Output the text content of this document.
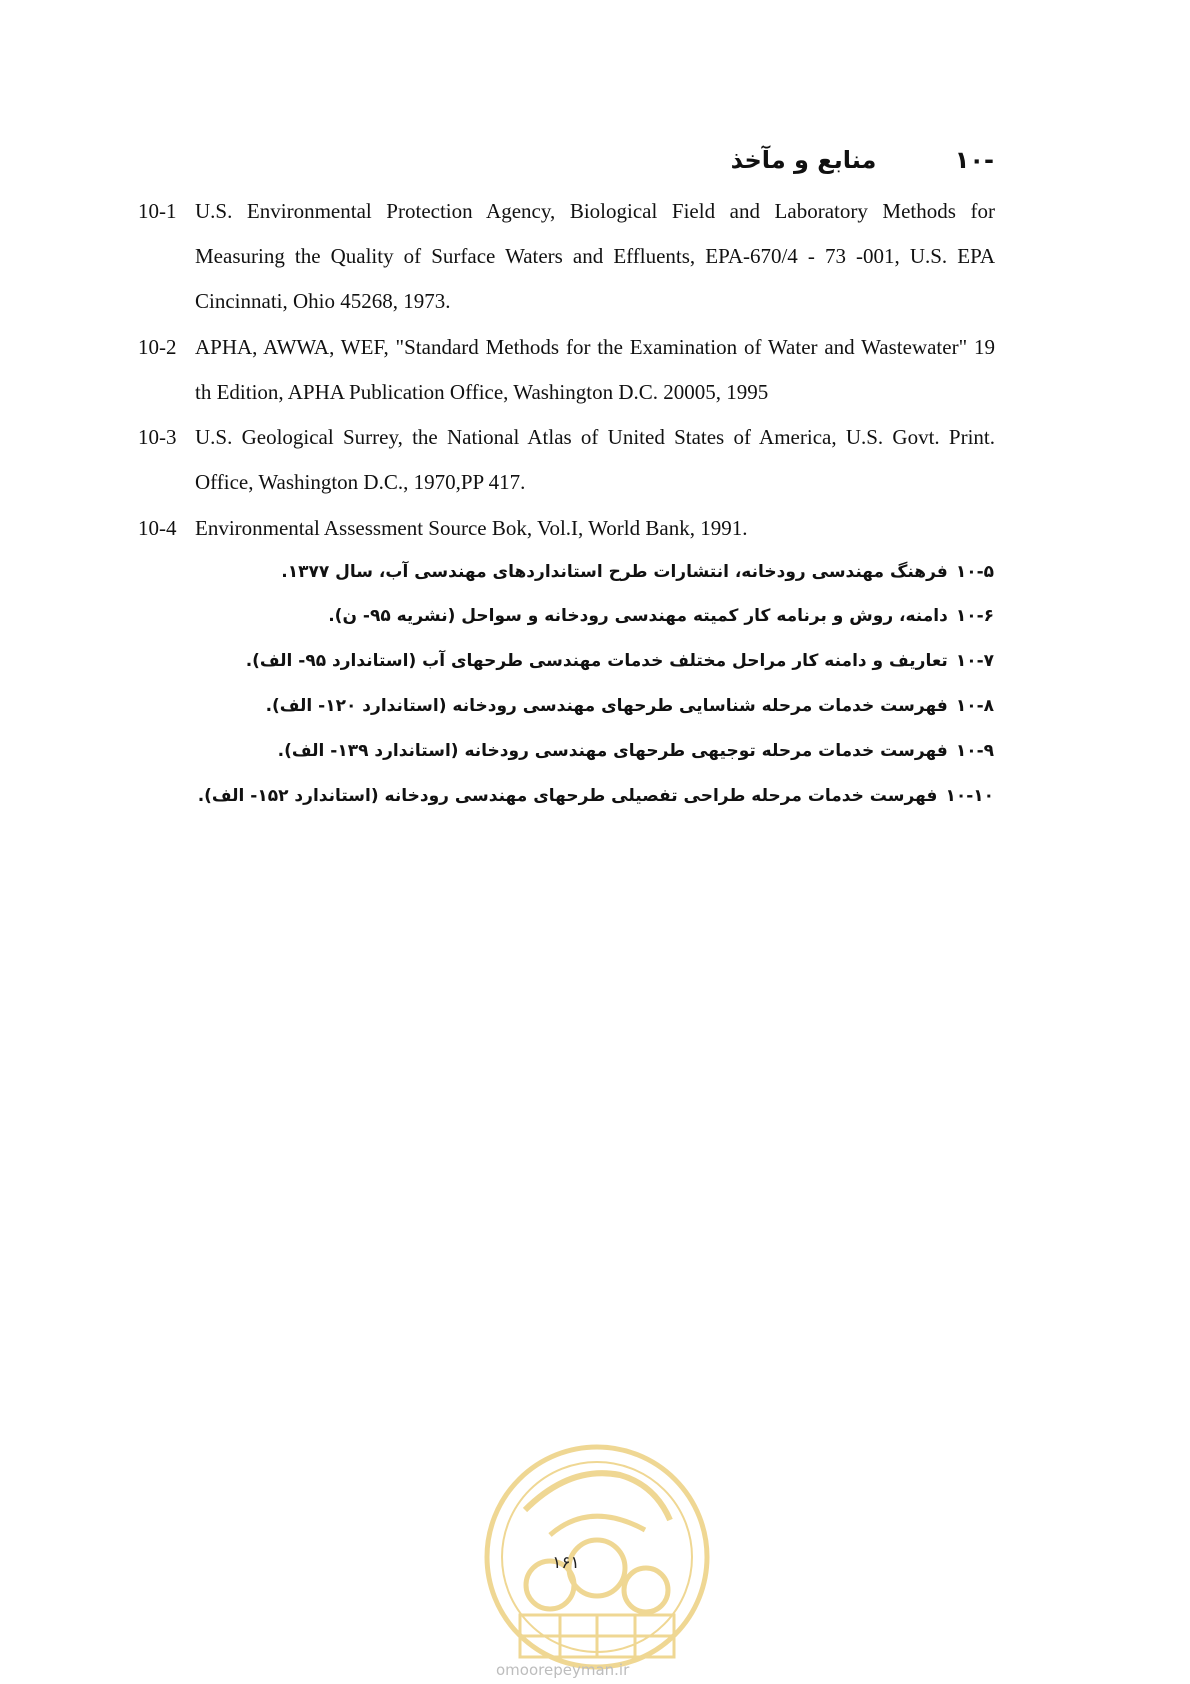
-۱۰ منابع و مآخذ
10-1 U.S. Environmental Protection Agency, Biological Field and Laboratory Methods for Measuring the Quality of Surface Waters and Effluents, EPA-670/4 - 73 -001, U.S. EPA Cincinnati, Ohio 45268, 1973.
10-2 APHA, AWWA, WEF, "Standard Methods for the Examination of Water and Wastewater" 19 th Edition, APHA Publication Office, Washington D.C. 20005, 1995
10-3 U.S. Geological Surrey, the National Atlas of United States of America, U.S. Govt. Print. Office, Washington D.C., 1970,PP 417.
10-4 Environmental Assessment Source Bok, Vol.I, World Bank, 1991.
۱۰-۵فرهنگ مهندسی رودخانه، انتشارات طرح استانداردهای مهندسی آب، سال ۱۳۷۷.
۱۰-۶دامنه، روش و برنامه کار کمیته مهندسی رودخانه و سواحل (نشریه ۹۵- ن).
۱۰-۷تعاریف و دامنه کار مراحل مختلف خدمات مهندسی طرحهای آب (استاندارد ۹۵- الف).
۱۰-۸فهرست خدمات مرحله شناسایی طرحهای مهندسی رودخانه (استاندارد ۱۲۰- الف).
۱۰-۹فهرست خدمات مرحله توجیهی طرحهای مهندسی رودخانه (استاندارد ۱۳۹- الف).
۱۰-۱۰فهرست خدمات مرحله طراحی تفصیلی طرحهای مهندسی رودخانه (استاندارد ۱۵۲- الف).
۱۶۱
omoorepeyman.ir
